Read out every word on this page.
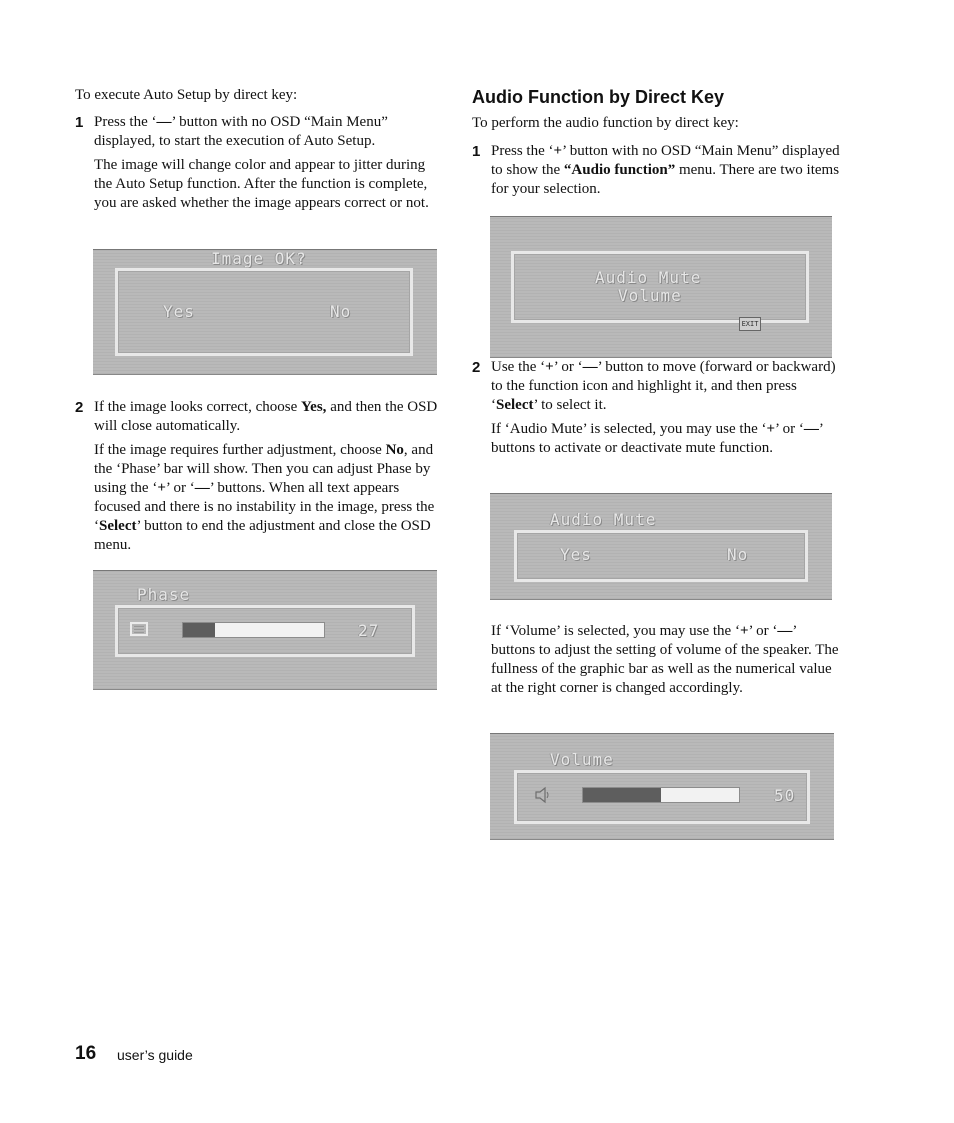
To execute Auto Setup by direct key:

1 Press the ‘—’ button with no OSD “Main Menu” displayed, to start the execution of Auto Setup.

The image will change color and appear to jitter during the Auto Setup function. After the function is complete, you are asked whether the image appears correct or not.

Image OK?
Yes	No
2 If the image looks correct, choose Yes, and then the OSD will close automatically.

If the image requires further adjustment, choose No, and the ‘Phase’ bar will show. Then you can adjust Phase by using the ‘+’ or ‘—’ buttons. When all text appears focused and there is no instability in the image, press the ‘Select’ button to end the adjustment and close the OSD menu.

Phase
27
Audio Function by Direct Key

To perform the audio function by direct key:

1 Press the ‘+’ button with no OSD “Main Menu” displayed to show the “Audio function” menu. There are two items for your selection.

Audio Mute
Volume
EXIT
2 Use the ‘+’ or ‘—’ button to move (forward or backward) to the function icon and highlight it, and then press ‘Select’ to select it.

If ‘Audio Mute’ is selected, you may use the ‘+’ or ‘—’ buttons to activate or deactivate mute function.

Audio Mute
Yes	No

If ‘Volume’ is selected, you may use the ‘+’ or ‘—’ buttons to adjust the setting of volume of the speaker. The fullness of the graphic bar as well as the numerical value at the right corner is changed accordingly.

Volume
50
16 user’s guide
